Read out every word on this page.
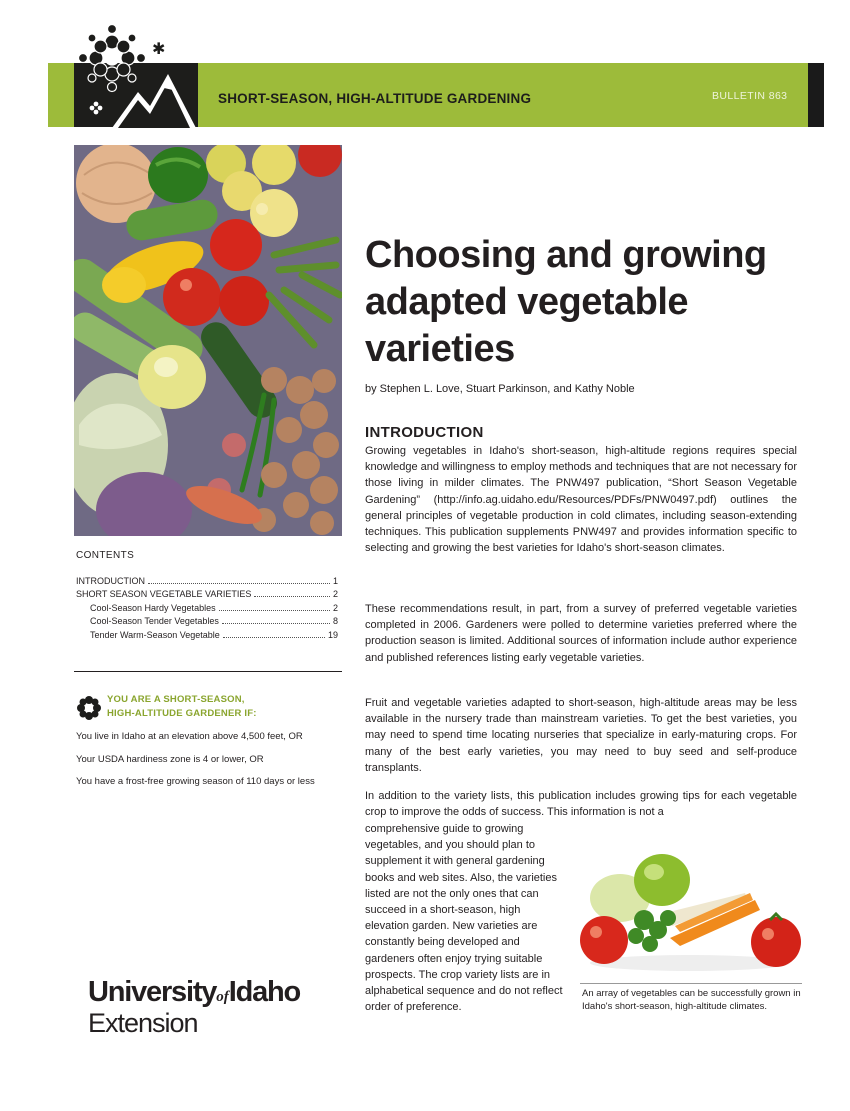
✱
SHORT-SEASON, HIGH-ALTITUDE GARDENING	BULLETIN 863
CONTENTS
INTRODUCTION	1
SHORT SEASON VEGETABLE VARIETIES	2
Cool-Season Hardy Vegetables	2
Cool-Season Tender Vegetables	8
Tender Warm-Season Vegetable	19
YOU ARE A SHORT-SEASON,
HIGH-ALTITUDE GARDENER IF:
You live in Idaho at an elevation above 4,500 feet, OR
Your USDA hardiness zone is 4 or lower, OR
You have a frost-free growing season of 110 days or less
UniversityofIdaho
Extension
Choosing and growing adapted vegetable varieties
by Stephen L. Love, Stuart Parkinson, and Kathy Noble
INTRODUCTION
Growing vegetables in Idaho's short-season, high-altitude regions requires special knowledge and willingness to employ methods and techniques that are not necessary for those living in milder climates. The PNW497 publication, “Short Season Vegetable Gardening” (http://info.ag.uidaho.edu/Resources/PDFs/PNW0497.pdf) outlines the general principles of vegetable production in cold climates, including season-extending techniques. This publication supplements PNW497 and provides information specific to selecting and growing the best varieties for Idaho's short-season climates.
These recommendations result, in part, from a survey of preferred vegetable varieties completed in 2006. Gardeners were polled to determine varieties preferred where the production season is limited. Additional sources of information include author experience and published references listing early vegetable varieties.
Fruit and vegetable varieties adapted to short-season, high-altitude areas may be less available in the nursery trade than mainstream varieties. To get the best varieties, you may need to spend time locating nurseries that specialize in early-maturing crops. For many of the best early varieties, you may need to buy seed and self-produce transplants.
In addition to the variety lists, this publication includes growing tips for each vegetable crop to improve the odds of success. This information is not a
comprehensive guide to growing vegetables, and you should plan to supplement it with general gardening books and web sites. Also, the varieties listed are not the only ones that can succeed in a short-season, high elevation garden. New varieties are constantly being developed and gardeners often enjoy trying suitable prospects. The crop variety lists are in alphabetical sequence and do not reflect order of preference.
An array of vegetables can be successfully grown in Idaho's short-season, high-altitude climates.
